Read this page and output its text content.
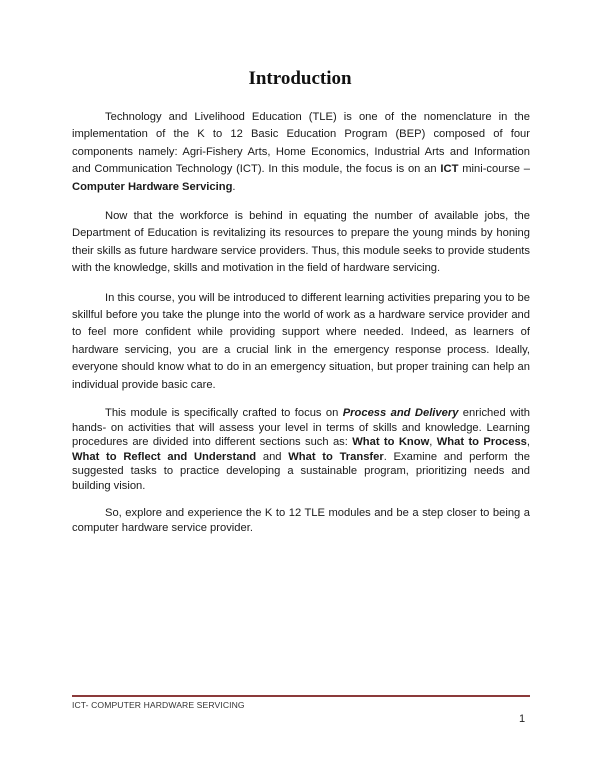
Introduction

Technology and Livelihood Education (TLE) is one of the nomenclature in the implementation of the K to 12 Basic Education Program (BEP) composed of four components namely: Agri-Fishery Arts, Home Economics, Industrial Arts and Information and Communication Technology (ICT). In this module, the focus is on an ICT mini-course – Computer Hardware Servicing.

Now that the workforce is behind in equating the number of available jobs, the Department of Education is revitalizing its resources to prepare the young minds by honing their skills as future hardware service providers. Thus, this module seeks to provide students with the knowledge, skills and motivation in the field of hardware servicing.

In this course, you will be introduced to different learning activities preparing you to be skillful before you take the plunge into the world of work as a hardware service provider and to feel more confident while providing support where needed. Indeed, as learners of hardware servicing, you are a crucial link in the emergency response process. Ideally, everyone should know what to do in an emergency situation, but proper training can help an individual provide basic care.

This module is specifically crafted to focus on Process and Delivery enriched with hands- on activities that will assess your level in terms of skills and knowledge. Learning procedures are divided into different sections such as: What to Know, What to Process, What to Reflect and Understand and What to Transfer. Examine and perform the suggested tasks to practice developing a sustainable program, prioritizing needs and building vision.

So, explore and experience the K to 12 TLE modules and be a step closer to being a computer hardware service provider.

ICT- COMPUTER HARDWARE SERVICING
1
